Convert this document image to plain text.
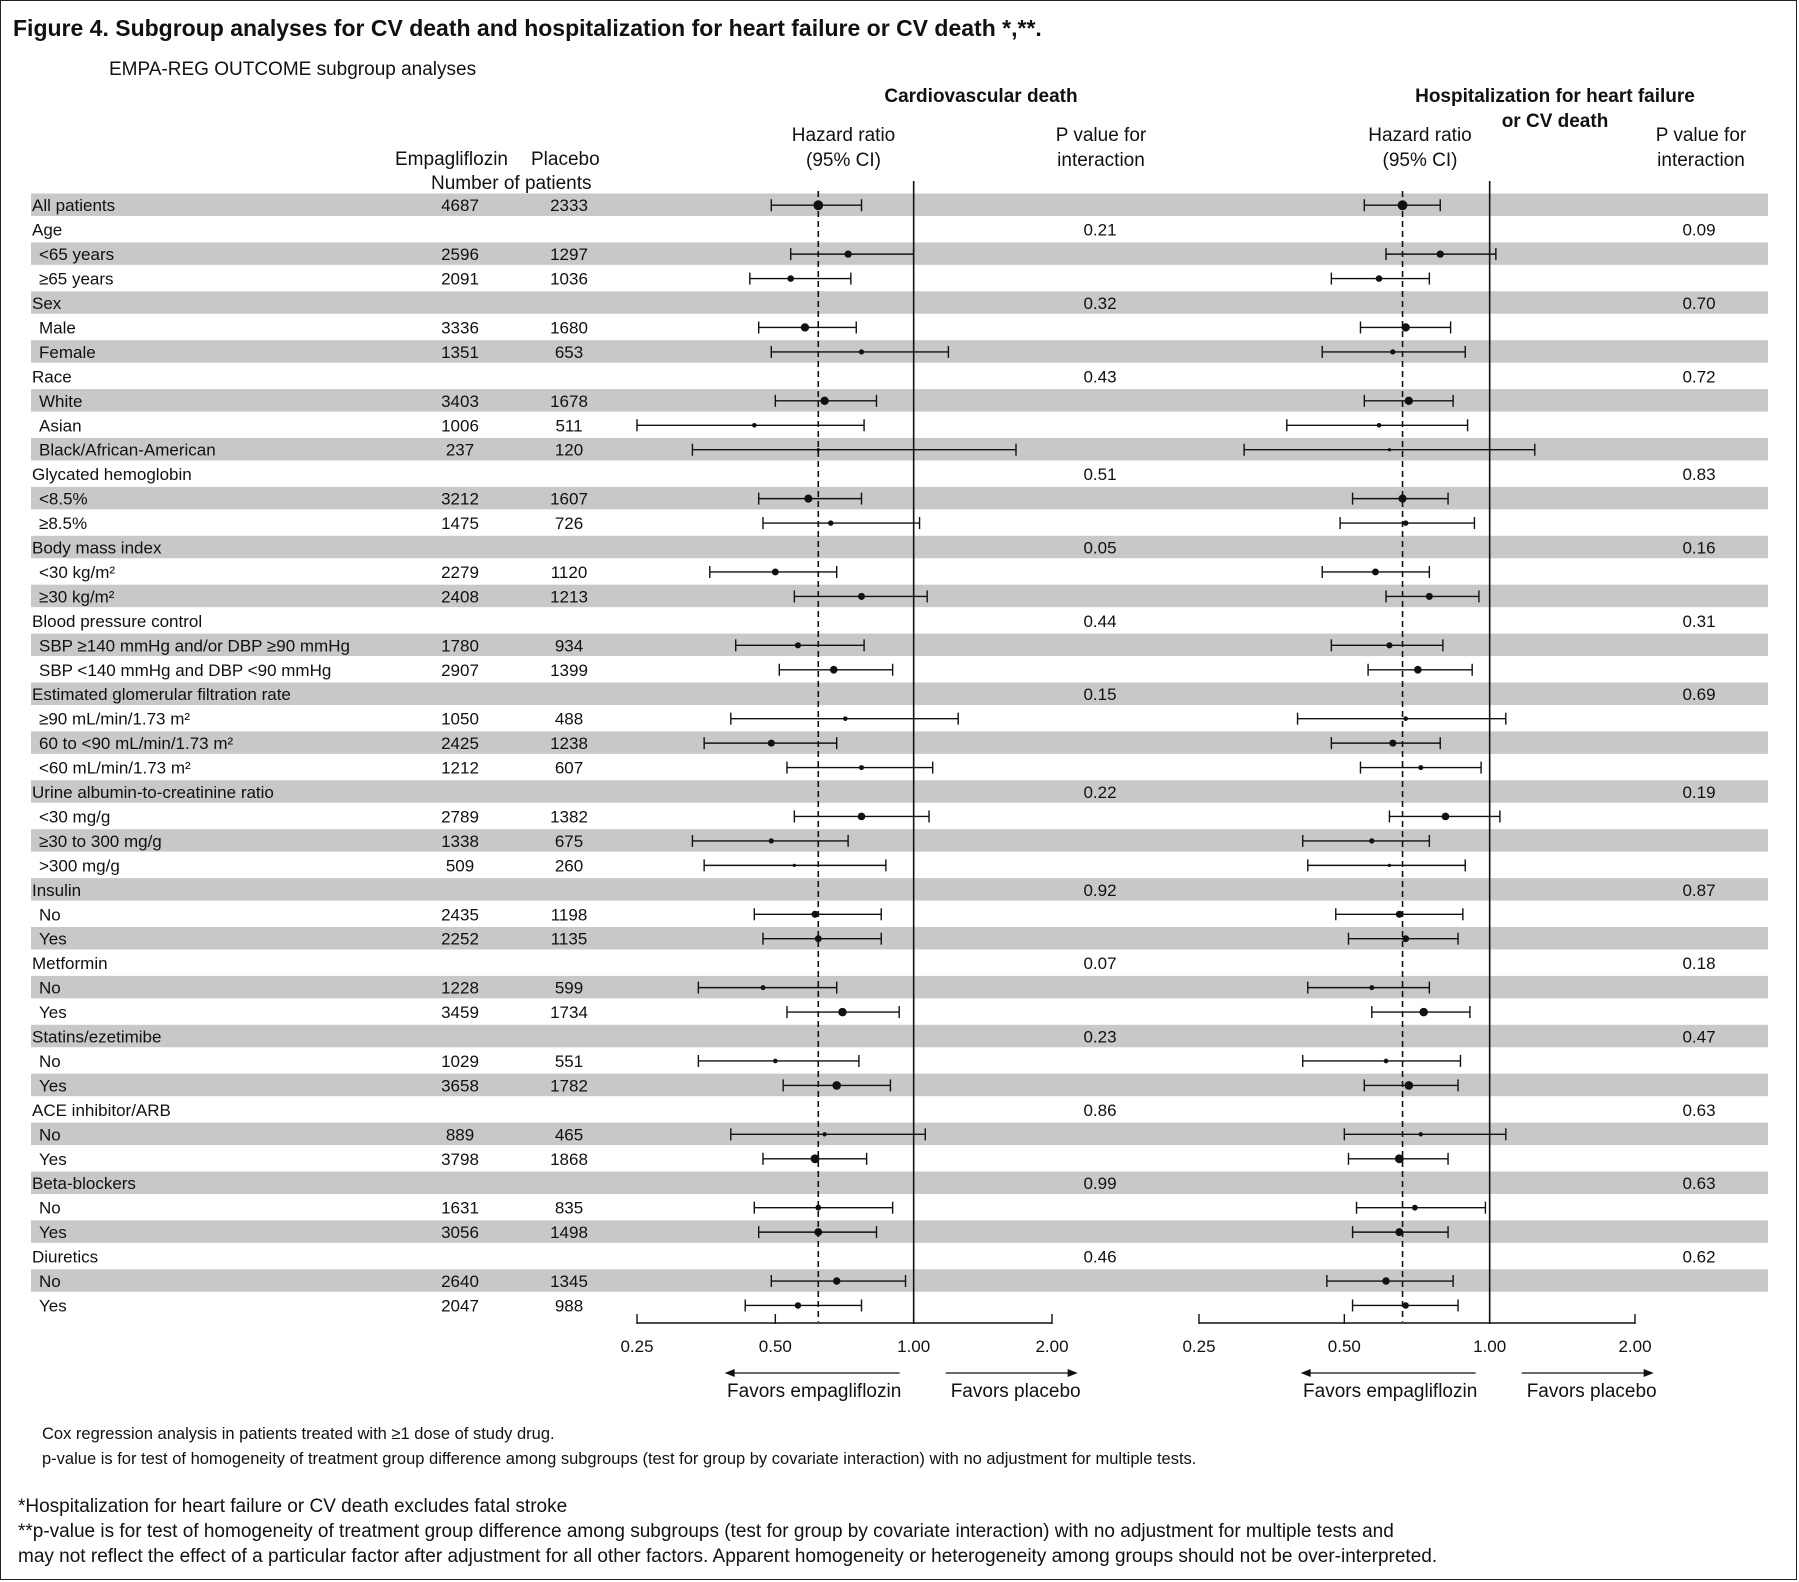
Figure 4. Subgroup analyses for CV death and hospitalization for heart failure or CV death *,**.
EMPA-REG OUTCOME subgroup analyses
Empagliflozin Placebo
Number of patients
Cardiovascular death
Hazard ratio
(95% CI)
P value for
interaction
Hospitalization for heart failure
or CV death
Hazard ratio
(95% CI)
P value for
interaction
All patients	4687	2333
Age	0.21	0.09
<65 years	2596	1297
≥65 years	2091	1036
Sex	0.32	0.70
Male	3336	1680
Female	1351	653
Race	0.43	0.72
White	3403	1678
Asian	1006	511
Black/African-American	237	120
Glycated hemoglobin	0.51	0.83
<8.5%	3212	1607
≥8.5%	1475	726
Body mass index	0.05	0.16
<30 kg/m²	2279	1120
≥30 kg/m²	2408	1213
Blood pressure control	0.44	0.31
SBP ≥140 mmHg and/or DBP ≥90 mmHg	1780	934
SBP <140 mmHg and DBP <90 mmHg	2907	1399
Estimated glomerular filtration rate	0.15	0.69
≥90 mL/min/1.73 m²	1050	488
60 to <90 mL/min/1.73 m²	2425	1238
<60 mL/min/1.73 m²	1212	607
Urine albumin-to-creatinine ratio	0.22	0.19
<30 mg/g	2789	1382
≥30 to 300 mg/g	1338	675
>300 mg/g	509	260
Insulin	0.92	0.87
No	2435	1198
Yes	2252	1135
Metformin	0.07	0.18
No	1228	599
Yes	3459	1734
Statins/ezetimibe	0.23	0.47
No	1029	551
Yes	3658	1782
ACE inhibitor/ARB	0.86	0.63
No	889	465
Yes	3798	1868
Beta-blockers	0.99	0.63
No	1631	835
Yes	3056	1498
Diuretics	0.46	0.62
No	2640	1345
Yes	2047	988
0.25	0.50	1.00	2.00
Favors empagliflozin	Favors placebo
0.25	0.50	1.00	2.00
Favors empagliflozin	Favors placebo
Cox regression analysis in patients treated with ≥1 dose of study drug.
p-value is for test of homogeneity of treatment group difference among subgroups (test for group by covariate interaction) with no adjustment for multiple tests.
*Hospitalization for heart failure or CV death excludes fatal stroke
**p-value is for test of homogeneity of treatment group difference among subgroups (test for group by covariate interaction) with no adjustment for multiple tests and
may not reflect the effect of a particular factor after adjustment for all other factors. Apparent homogeneity or heterogeneity among groups should not be over-interpreted.
